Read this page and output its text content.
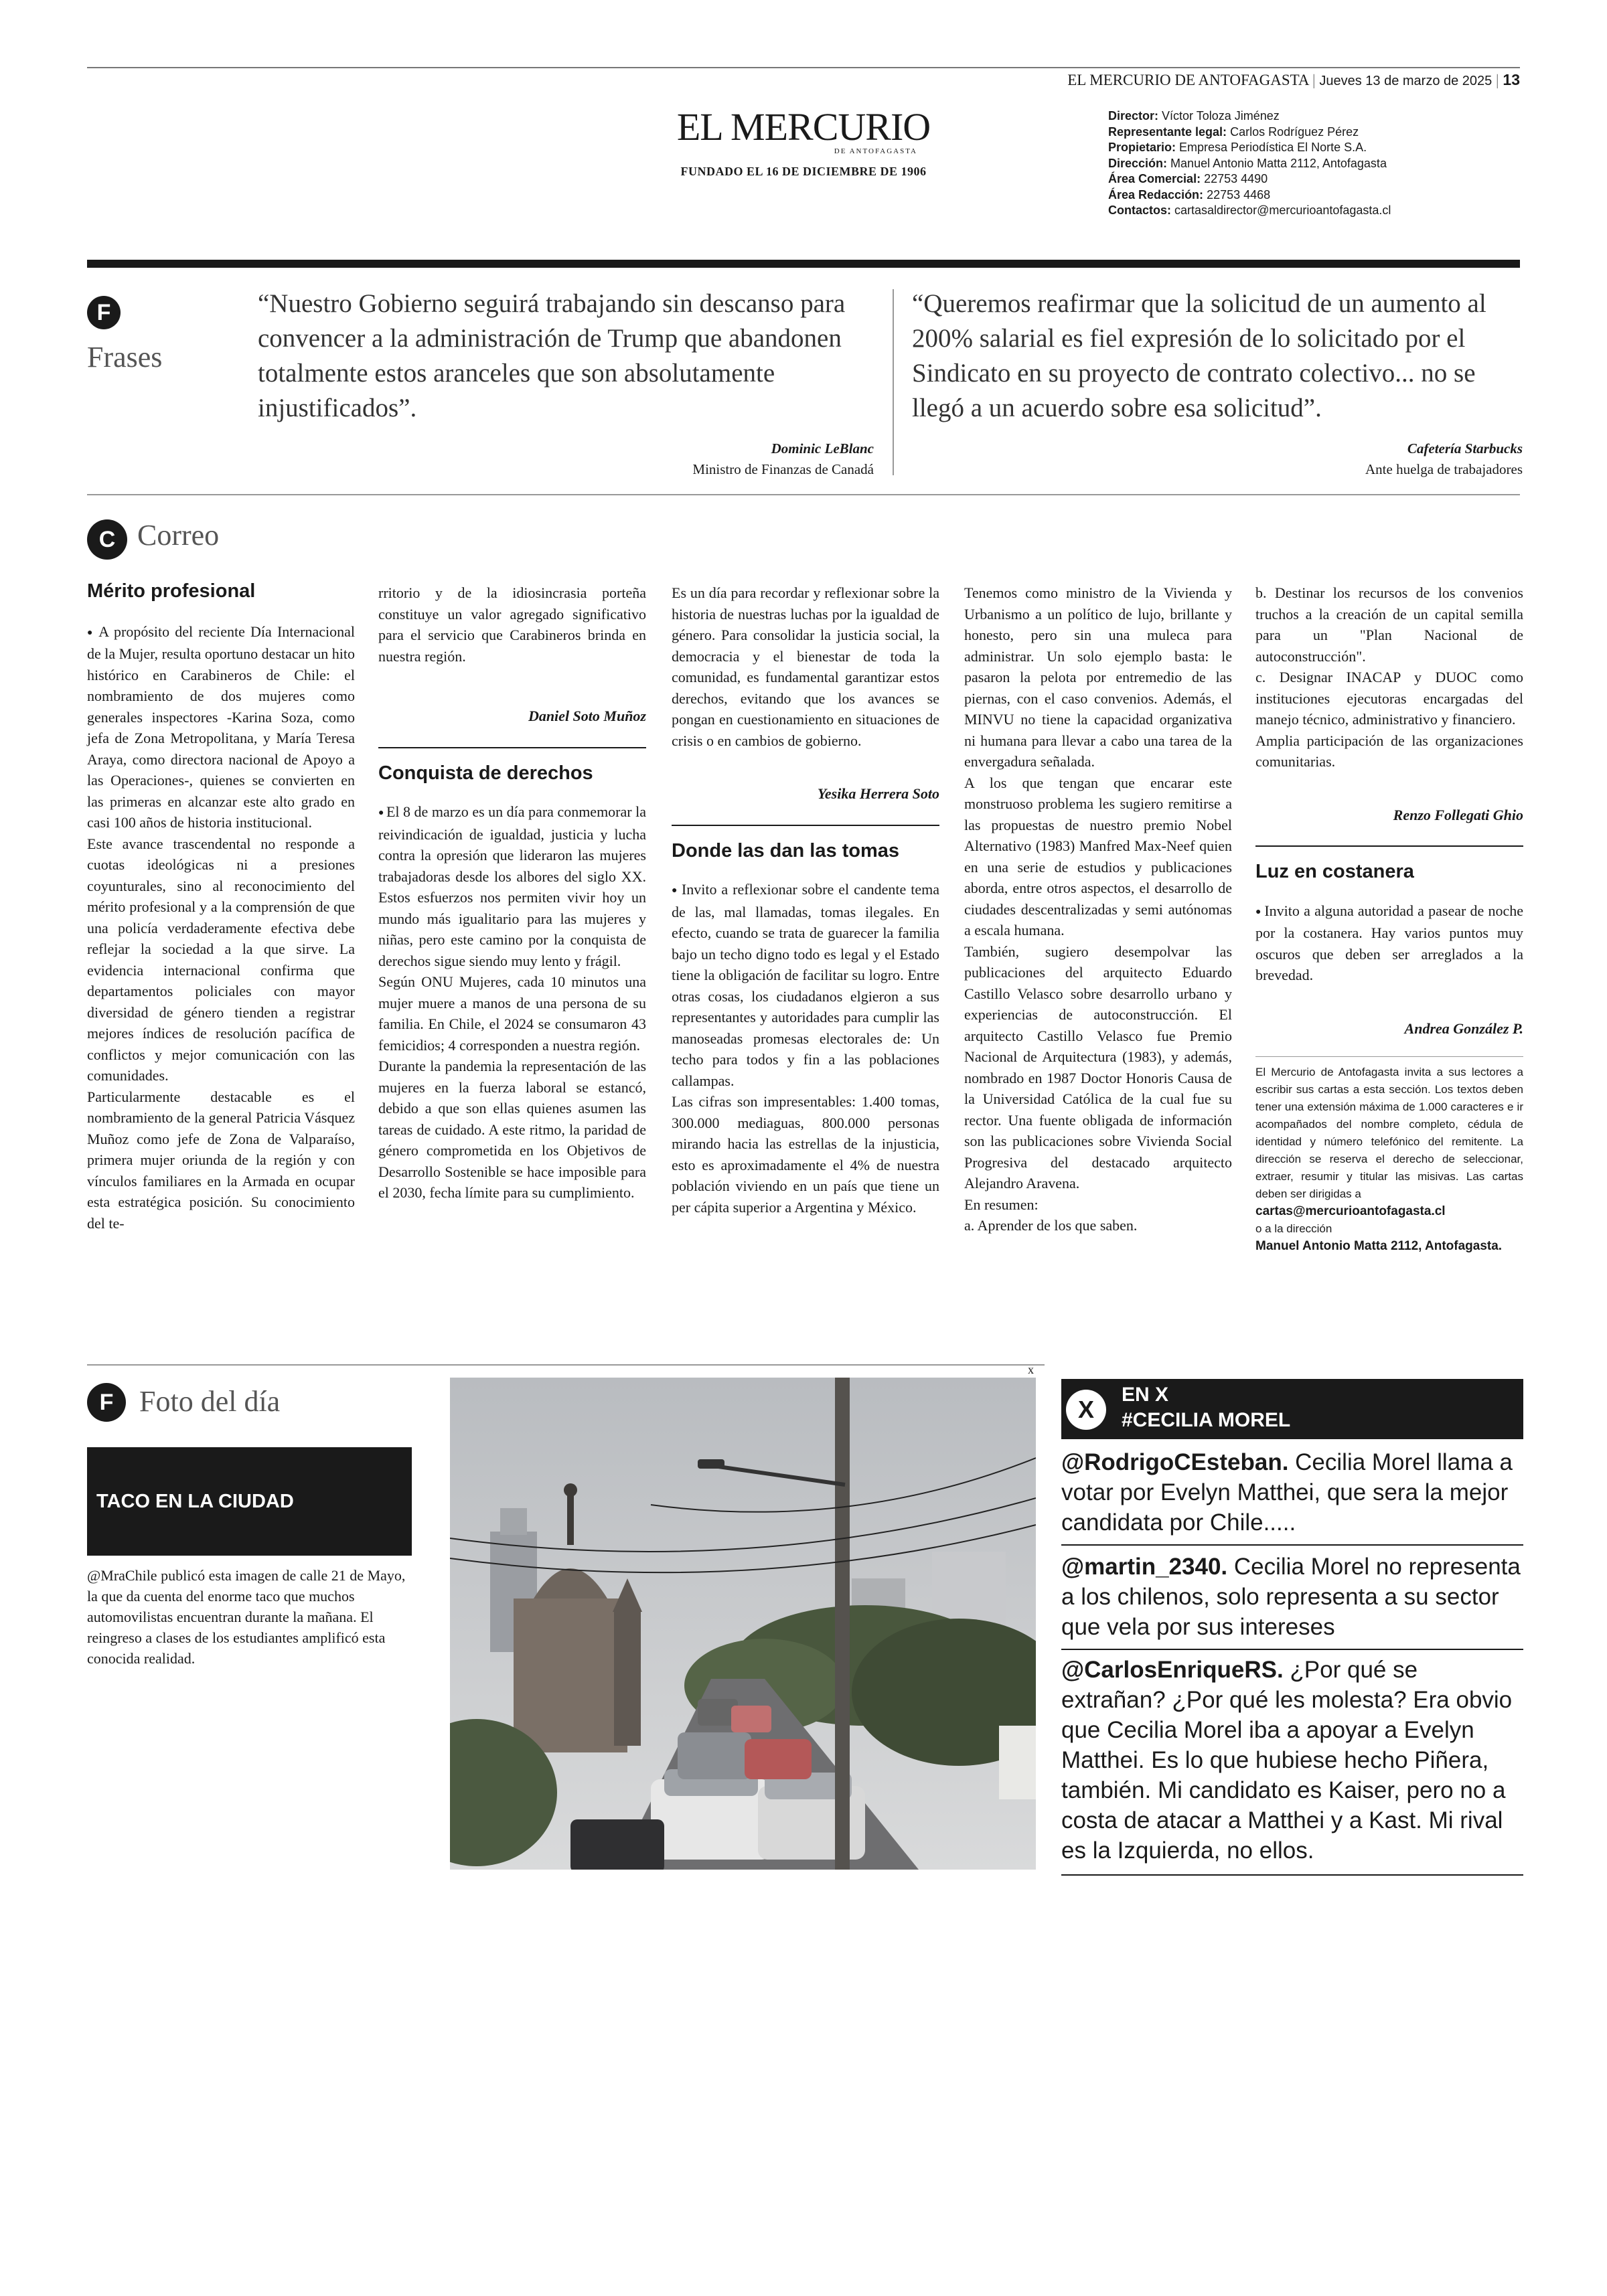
EL MERCURIO DE ANTOFAGASTA | Jueves 13 de marzo de 2025 | 13
EL MERCURIO
DE ANTOFAGASTA
FUNDADO EL 16 DE DICIEMBRE DE 1906
Director: Víctor Toloza Jiménez
Representante legal: Carlos Rodríguez Pérez
Propietario: Empresa Periodística El Norte S.A.
Dirección: Manuel Antonio Matta 2112, Antofagasta
Área Comercial: 22753 4490
Área Redacción: 22753 4468
Contactos: cartasaldirector@mercurioantofagasta.cl
F
Frases
“Nuestro Gobierno seguirá trabajando sin descanso para convencer a la administración de Trump que abandonen totalmente estos aranceles que son absolutamente injustificados”.
Dominic LeBlanc
Ministro de Finanzas de Canadá
“Queremos reafirmar que la solicitud de un aumento al 200% salarial es fiel expresión de lo solicitado por el Sindicato en su proyecto de contrato colectivo... no se llegó a un acuerdo sobre esa solicitud”.
Cafetería Starbucks
Ante huelga de trabajadores
C Correo
Mérito profesional

● A propósito del reciente Día Internacional de la Mujer, resulta oportuno destacar un hito histórico en Carabineros de Chile: el nombramiento de dos mujeres como generales inspectores -Karina Soza, como jefa de Zona Metropolitana, y María Teresa Araya, como directora nacional de Apoyo a las Operaciones-, quienes se convierten en las primeras en alcanzar este alto grado en casi 100 años de historia institucional.

Este avance trascendental no responde a cuotas ideológicas ni a presiones coyunturales, sino al reconocimiento del mérito profesional y a la comprensión de que una policía verdaderamente efectiva debe reflejar la sociedad a la que sirve. La evidencia internacional confirma que departamentos policiales con mayor diversidad de género tienden a registrar mejores índices de resolución pacífica de conflictos y mejor comunicación con las comunidades.

Particularmente destacable es el nombramiento de la general Patricia Vásquez Muñoz como jefe de Zona de Valparaíso, primera mujer oriunda de la región y con vínculos familiares en la Armada en ocupar esta estratégica posición. Su conocimiento del te-

rritorio y de la idiosincrasia porteña constituye un valor agregado significativo para el servicio que Carabineros brinda en nuestra región.

Daniel Soto Muñoz
Conquista de derechos

● El 8 de marzo es un día para conmemorar la reivindicación de igualdad, justicia y lucha contra la opresión que lideraron las mujeres trabajadoras desde los albores del siglo XX. Estos esfuerzos nos permiten vivir hoy un mundo más igualitario para las mujeres y niñas, pero este camino por la conquista de derechos sigue siendo muy lento y frágil.

Según ONU Mujeres, cada 10 minutos una mujer muere a manos de una persona de su familia. En Chile, el 2024 se consumaron 43 femicidios; 4 corresponden a nuestra región.

Durante la pandemia la representación de las mujeres en la fuerza laboral se estancó, debido a que son ellas quienes asumen las tareas de cuidado. A este ritmo, la paridad de género comprometida en los Objetivos de Desarrollo Sostenible se hace imposible para el 2030, fecha límite para su cumplimiento.

Es un día para recordar y reflexionar sobre la historia de nuestras luchas por la igualdad de género. Para consolidar la justicia social, la democracia y el bienestar de toda la comunidad, es fundamental garantizar estos derechos, evitando que los avances se pongan en cuestionamiento en situaciones de crisis o en cambios de gobierno.

Yesika Herrera Soto
Donde las dan las tomas

● Invito a reflexionar sobre el candente tema de las, mal llamadas, tomas ilegales. En efecto, cuando se trata de guarecer la familia bajo un techo digno todo es legal y el Estado tiene la obligación de facilitar su logro. Entre otras cosas, los ciudadanos elgieron a sus representantes y autoridades para cumplir las manoseadas promesas electorales de: Un techo para todos y fin a las poblaciones callampas.

Las cifras son impresentables: 1.400 tomas, 300.000 mediaguas, 800.000 personas mirando hacia las estrellas de la injusticia, esto es aproximadamente el 4% de nuestra población viviendo en un país que tiene un per cápita superior a Argentina y México.

Tenemos como ministro de la Vivienda y Urbanismo a un político de lujo, brillante y honesto, pero sin una muleca para administrar. Un solo ejemplo basta: le pasaron la pelota por entremedio de las piernas, con el caso convenios. Además, el MINVU no tiene la capacidad organizativa ni humana para llevar a cabo una tarea de la envergadura señalada.

A los que tengan que encarar este monstruoso problema les sugiero remitirse a las propuestas de nuestro premio Nobel Alternativo (1983) Manfred Max-Neef quien en una serie de estudios y publicaciones aborda, entre otros aspectos, el desarrollo de ciudades descentralizadas y semi autónomas a escala humana.

También, sugiero desempolvar las publicaciones del arquitecto Eduardo Castillo Velasco sobre desarrollo urbano y experiencias de autoconstrucción. El arquitecto Castillo Velasco fue Premio Nacional de Arquitectura (1983), y además, nombrado en 1987 Doctor Honoris Causa de la Universidad Católica de la cual fue su rector. Una fuente obligada de información son las publicaciones sobre Vivienda Social Progresiva del destacado arquitecto Alejandro Aravena.

En resumen:

a. Aprender de los que saben.

b. Destinar los recursos de los convenios truchos a la creación de un capital semilla para un "Plan Nacional de autoconstrucción".

c. Designar INACAP y DUOC como instituciones ejecutoras encargadas del manejo técnico, administrativo y financiero.

Amplia participación de las organizaciones comunitarias.

Renzo Follegati Ghio
Luz en costanera

● Invito a alguna autoridad a pasear de noche por la costanera. Hay varios puntos muy oscuros que deben ser arreglados a la brevedad.

Andrea González P.
El Mercurio de Antofagasta invita a sus lectores a escribir sus cartas a esta sección. Los textos deben tener una extensión máxima de 1.000 caracteres e ir acompañados del nombre completo, cédula de identidad y número telefónico del remitente. La dirección se reserva el derecho de seleccionar, extraer, resumir y titular las misivas. Las cartas deben ser dirigidas a
cartas@mercurioantofagasta.cl
o a la dirección
Manuel Antonio Matta 2112, Antofagasta.
F Foto del día
TACO EN LA CIUDAD
@MraChile publicó esta imagen de calle 21 de Mayo, la que da cuenta del enorme taco que muchos automovilistas encuentran durante la mañana. El reingreso a clases de los estudiantes amplificó esta conocida realidad.
x
X
EN X
#CECILIA MOREL
@RodrigoCEsteban. Cecilia Morel llama a votar por Evelyn Matthei, que sera la mejor candidata por Chile.....
@martin_2340. Cecilia Morel no representa a los chilenos, solo representa a su sector que vela por sus intereses
@CarlosEnriqueRS. ¿Por qué se extrañan? ¿Por qué les molesta? Era obvio que Cecilia Morel iba a apoyar a Evelyn Matthei. Es lo que hubiese hecho Piñera, también. Mi candidato es Kaiser, pero no a costa de atacar a Matthei y a Kast. Mi rival es la Izquierda, no ellos.
